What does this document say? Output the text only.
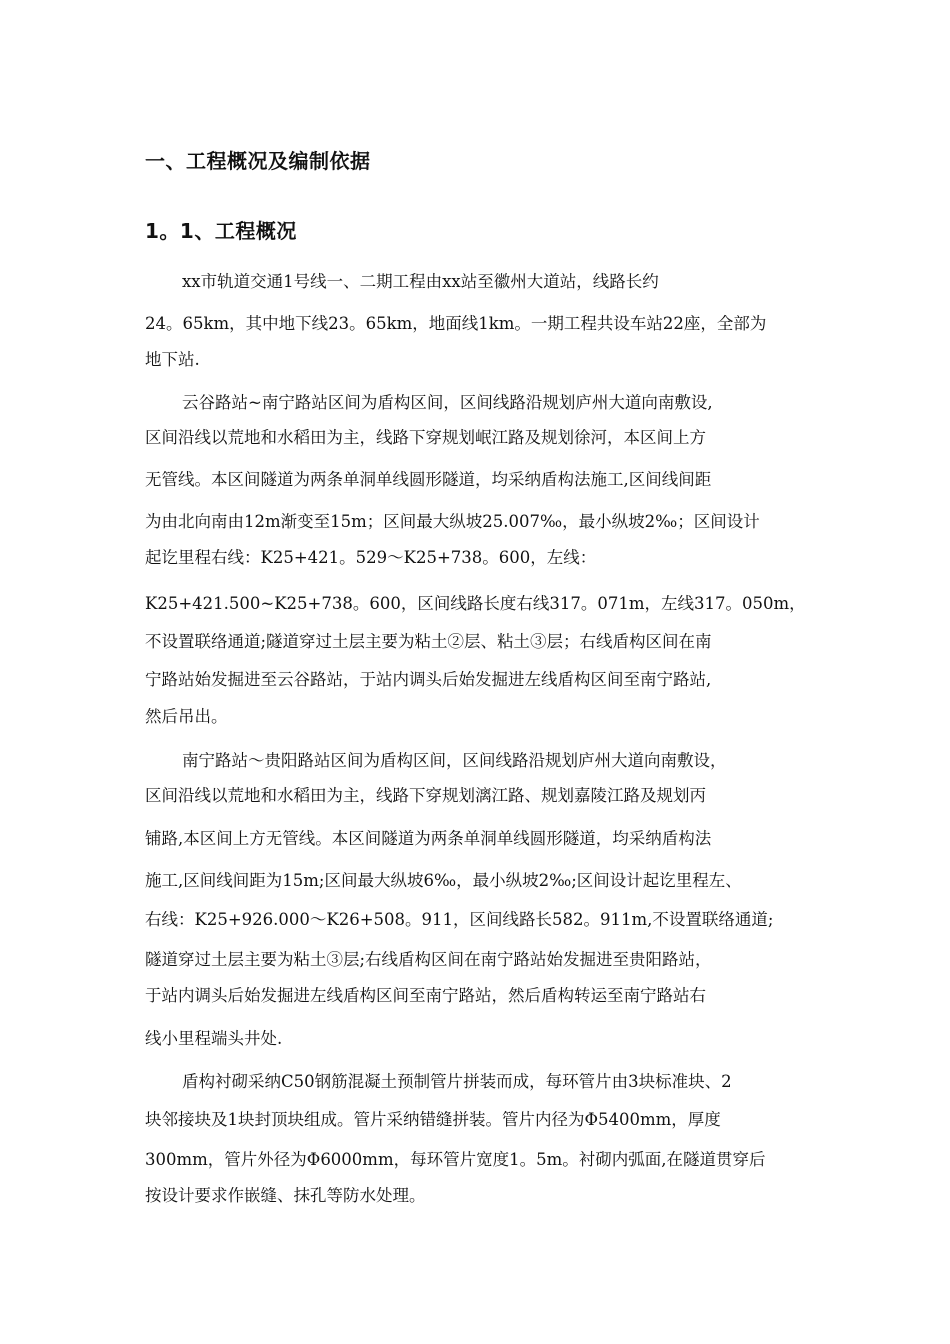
一、工程概况及编制依据
1。1、工程概况
xx市轨道交通1号线一、二期工程由xx站至徽州大道站，线路长约
24。65km，其中地下线23。65km，地面线1km。一期工程共设车站22座，全部为
地下站.
云谷路站~南宁路站区间为盾构区间，区间线路沿规划庐州大道向南敷设,
区间沿线以荒地和水稻田为主，线路下穿规划岷江路及规划徐河，本区间上方
无管线。本区间隧道为两条单洞单线圆形隧道，均采纳盾构法施工,区间线间距
为由北向南由12m渐变至15m；区间最大纵坡25.007‰，最小纵坡2‰；区间设计
起讫里程右线：K25+421。529～K25+738。600，左线：
K25+421.500~K25+738。600，区间线路长度右线317。071m，左线317。050m，
不设置联络通道;隧道穿过土层主要为粘土②层、粘土③层；右线盾构区间在南
宁路站始发掘进至云谷路站，于站内调头后始发掘进左线盾构区间至南宁路站,
然后吊出。
南宁路站～贵阳路站区间为盾构区间，区间线路沿规划庐州大道向南敷设，
区间沿线以荒地和水稻田为主，线路下穿规划漓江路、规划嘉陵江路及规划丙
铺路,本区间上方无管线。本区间隧道为两条单洞单线圆形隧道，均采纳盾构法
施工,区间线间距为15m;区间最大纵坡6‰，最小纵坡2‰;区间设计起讫里程左、
右线：K25+926.000～K26+508。911，区间线路长582。911m,不设置联络通道;
隧道穿过土层主要为粘土③层;右线盾构区间在南宁路站始发掘进至贵阳路站，
于站内调头后始发掘进左线盾构区间至南宁路站，然后盾构转运至南宁路站右
线小里程端头井处.
盾构衬砌采纳C50钢筋混凝土预制管片拼装而成，每环管片由3块标准块、2
块邻接块及1块封顶块组成。管片采纳错缝拼装。管片内径为Φ5400mm，厚度
300mm，管片外径为Φ6000mm，每环管片宽度1。5m。衬砌内弧面,在隧道贯穿后
按设计要求作嵌缝、抹孔等防水处理。
